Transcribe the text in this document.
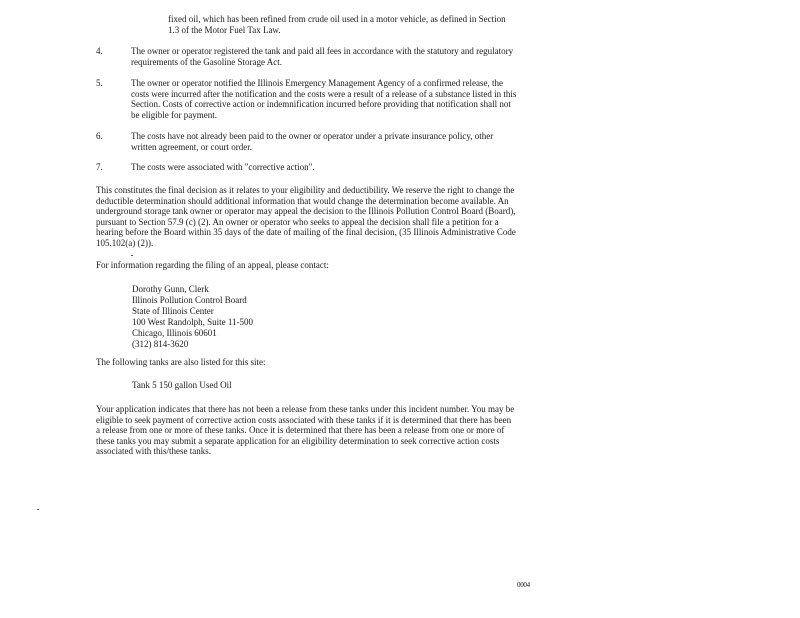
fixed oil, which has been refined from crude oil used in a motor vehicle, as defined in Section
1.3 of the Motor Fuel Tax Law.
4.	The owner or operator registered the tank and paid all fees in accordance with the statutory and regulatory requirements of the Gasoline Storage Act.
5.	The owner or operator notified the Illinois Emergency Management Agency of a confirmed release, the costs were incurred after the notification and the costs were a result of a release of a substance listed in this Section. Costs of corrective action or indemnification incurred before providing that notification shall not be eligible for payment.
6.	The costs have not already been paid to the owner or operator under a private insurance policy, other written agreement, or court order.
7.	The costs were associated with "corrective action".
This constitutes the final decision as it relates to your eligibility and deductibility. We reserve the right to change the deductible determination should additional information that would change the determination become available. An underground storage tank owner or operator may appeal the decision to the Illinois Pollution Control Board (Board), pursuant to Section 57.9 (c) (2). An owner or operator who seeks to appeal the decision shall file a petition for a hearing before the Board within 35 days of the date of mailing of the final decision, (35 Illinois Administrative Code 105.102(a) (2)).
For information regarding the filing of an appeal, please contact:
Dorothy Gunn, Clerk
Illinois Pollution Control Board
State of Illinois Center
100 West Randolph, Suite 11-500
Chicago, Illinois 60601
(312) 814-3620
The following tanks are also listed for this site:
Tank 5 150 gallon Used Oil
Your application indicates that there has not been a release from these tanks under this incident number. You may be eligible to seek payment of corrective action costs associated with these tanks if it is determined that there has been a release from one or more of these tanks. Once it is determined that there has been a release from one or more of these tanks you may submit a separate application for an eligibility determination to seek corrective action costs associated with this/these tanks.
0004
